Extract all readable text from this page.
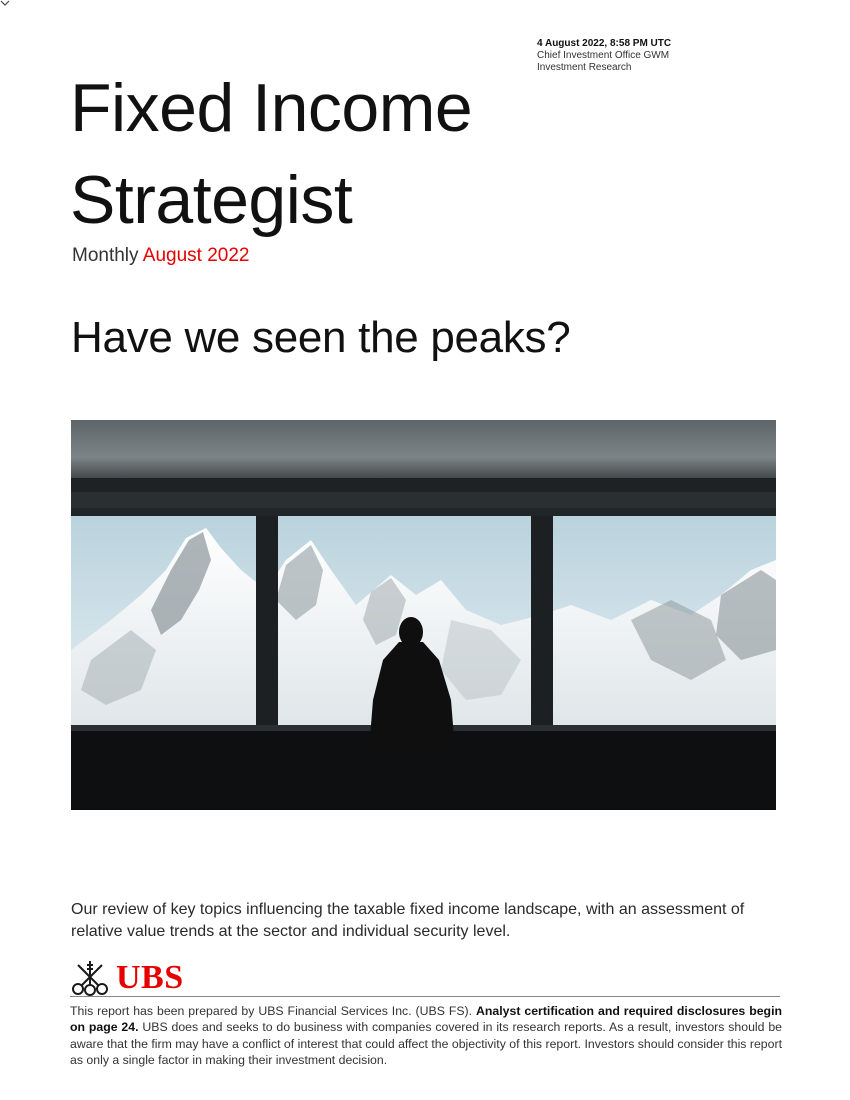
4 August 2022, 8:58 PM UTC
Chief Investment Office GWM
Investment Research
Fixed Income
Strategist
Monthly August 2022
Have we seen the peaks?
Our review of key topics influencing the taxable fixed income landscape, with an assessment of relative value trends at the sector and individual security level.
UBS
This report has been prepared by UBS Financial Services Inc. (UBS FS). Analyst certification and required disclosures begin on page 24. UBS does and seeks to do business with companies covered in its research reports. As a result, investors should be aware that the firm may have a conflict of interest that could affect the objectivity of this report. Investors should consider this report as only a single factor in making their investment decision.
